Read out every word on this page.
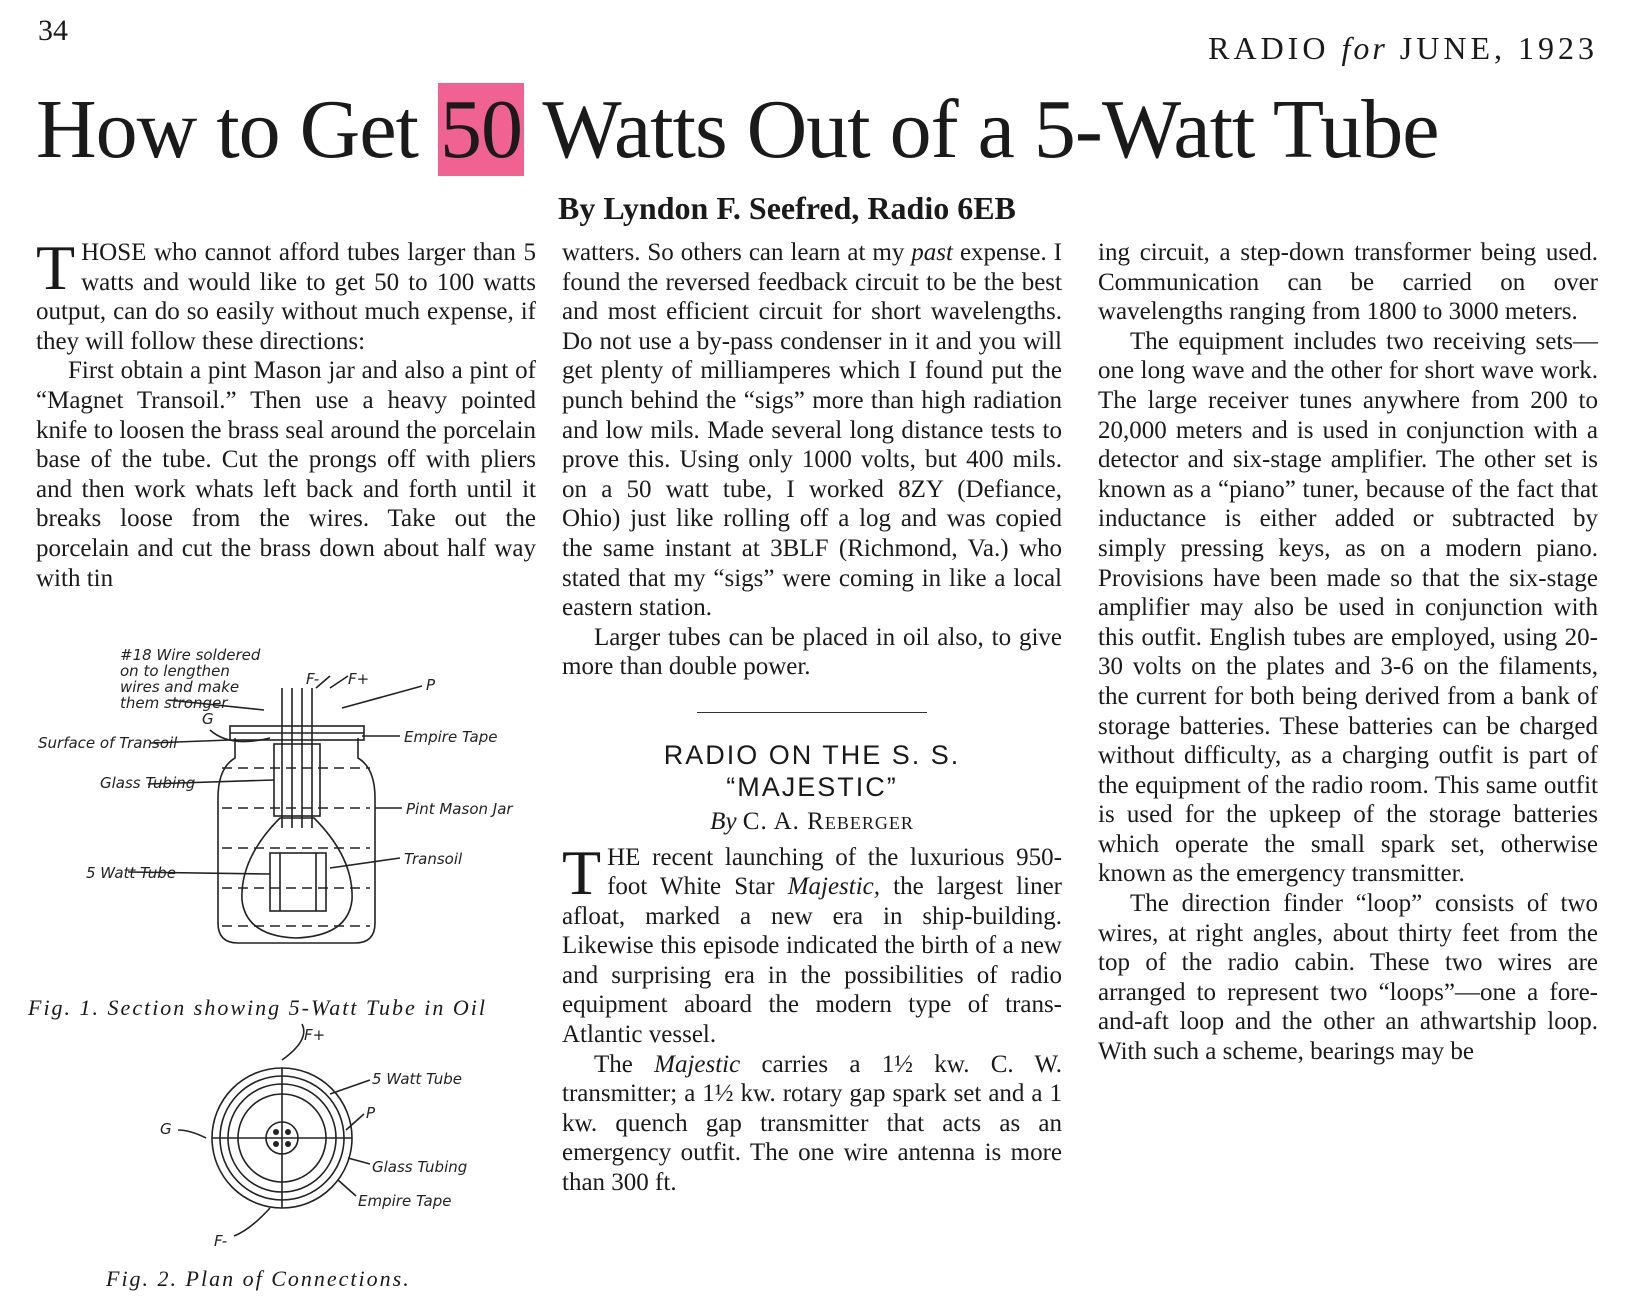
34	RADIO for JUNE, 1923
How to Get 50 Watts Out of a 5-Watt Tube
By Lyndon F. Seefred, Radio 6EB

THOSE who cannot afford tubes larger than 5 watts and would like to get 50 to 100 watts output, can do so easily without much expense, if they will follow these directions:

First obtain a pint Mason jar and also a pint of “Magnet Transoil.” Then use a heavy pointed knife to loosen the brass seal around the porcelain base of the tube. Cut the prongs off with pliers and then work whats left back and forth until it breaks loose from the wires. Take out the porcelain and cut the brass down about half way with tin

#18 Wire soldered
on to lengthen
wires and make
them stronger
F- F+	P
G
Surface of Transoil	Empire Tape
Glass Tubing
Pint Mason Jar
Transoil
5 Watt Tube
Fig. 1. Section showing 5-Watt Tube in Oil
F+
G
P
F-
5 Watt Tube
Glass Tubing
Empire Tape
Fig. 2. Plan of Connections.

watters. So others can learn at my past expense. I found the reversed feedback circuit to be the best and most efficient circuit for short wavelengths. Do not use a by-pass condenser in it and you will get plenty of milliamperes which I found put the punch behind the “sigs” more than high radiation and low mils. Made several long distance tests to prove this. Using only 1000 volts, but 400 mils. on a 50 watt tube, I worked 8ZY (Defiance, Ohio) just like rolling off a log and was copied the same instant at 3BLF (Richmond, Va.) who stated that my “sigs” were coming in like a local eastern station.

Larger tubes can be placed in oil also, to give more than double power.

RADIO ON THE S. S.
“MAJESTIC”
By C. A. Reberger

THE recent launching of the luxurious 950-foot White Star Majestic, the largest liner afloat, marked a new era in ship-building. Likewise this episode indicated the birth of a new and surprising era in the possibilities of radio equipment aboard the modern type of trans-Atlantic vessel.

The Majestic carries a 1½ kw. C. W. transmitter; a 1½ kw. rotary gap spark set and a 1 kw. quench gap transmitter that acts as an emergency outfit. The one wire antenna is more than 300 ft.

ing circuit, a step-down transformer being used. Communication can be carried on over wavelengths ranging from 1800 to 3000 meters.

The equipment includes two receiving sets—one long wave and the other for short wave work. The large receiver tunes anywhere from 200 to 20,000 meters and is used in conjunction with a detector and six-stage amplifier. The other set is known as a “piano” tuner, because of the fact that inductance is either added or subtracted by simply pressing keys, as on a modern piano. Provisions have been made so that the six-stage amplifier may also be used in conjunction with this outfit. English tubes are employed, using 20-30 volts on the plates and 3-6 on the filaments, the current for both being derived from a bank of storage batteries. These batteries can be charged without difficulty, as a charging outfit is part of the equipment of the radio room. This same outfit is used for the upkeep of the storage batteries which operate the small spark set, otherwise known as the emergency transmitter.

The direction finder “loop” consists of two wires, at right angles, about thirty feet from the top of the radio cabin. These two wires are arranged to represent two “loops”—one a fore-and-aft loop and the other an athwartship loop. With such a scheme, bearings may be
